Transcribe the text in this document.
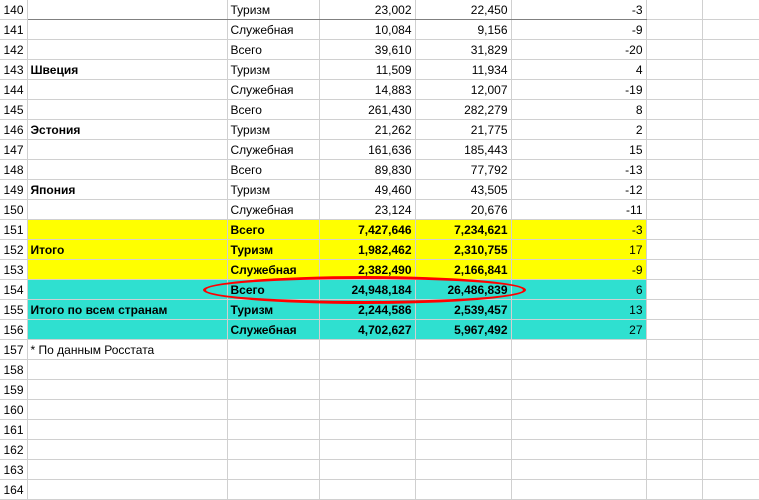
140		Туризм	23,002	22,450	-3		
141		Служебная	10,084	9,156	-9		
142		Всего	39,610	31,829	-20		
143	Швеция	Туризм	11,509	11,934	4		
144		Служебная	14,883	12,007	-19		
145		Всего	261,430	282,279	8		
146	Эстония	Туризм	21,262	21,775	2		
147		Служебная	161,636	185,443	15		
148		Всего	89,830	77,792	-13		
149	Япония	Туризм	49,460	43,505	-12		
150		Служебная	23,124	20,676	-11		
151		Всего	7,427,646	7,234,621	-3		
152	Итого	Туризм	1,982,462	2,310,755	17		
153		Служебная	2,382,490	2,166,841	-9		
154		Всего	24,948,184	26,486,839	6		
155	Итого по всем странам	Туризм	2,244,586	2,539,457	13		
156		Служебная	4,702,627	5,967,492	27		
157	* По данным Росстата						
158							
159							
160							
161							
162							
163							
164							
